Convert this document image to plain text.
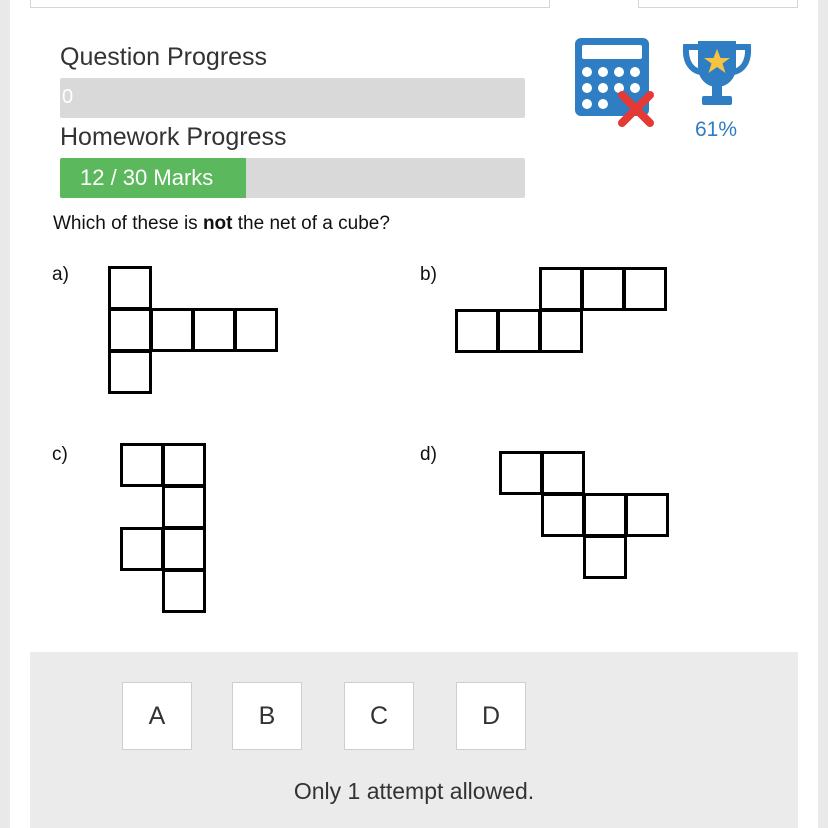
Question Progress
0
Homework Progress
12 / 30 Marks
61%
Which of these is not the net of a cube?
a)	b)
c)	d)
A	B	C	D
Only 1 attempt allowed.
